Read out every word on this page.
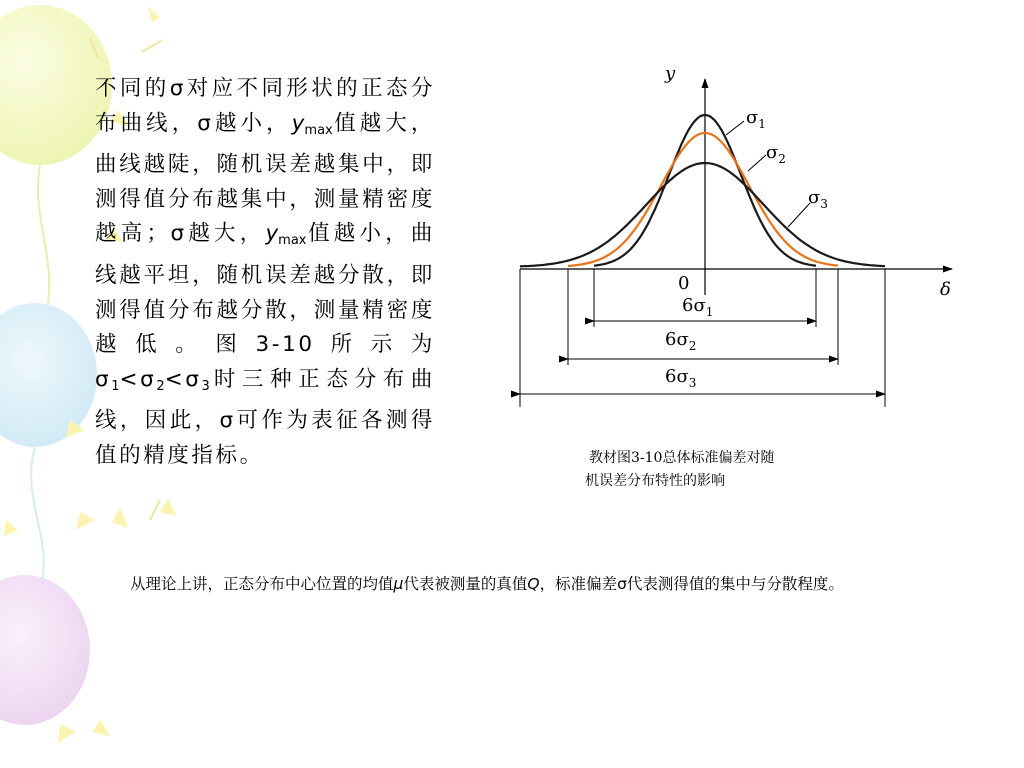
不同的σ对应不同形状的正态分布曲线，σ越小，$y_{max}$值越大，曲线越陡，随机误差越集中，即测得值分布越集中，测量精密度越高；σ越大，$y_{max}$值越小，曲线越平坦，随机误差越分散，即测得值分布越分散，测量精密度越低。图3-10所示为$\sigma_1<\sigma_2<\sigma_3$时三种正态分布曲线，因此，σ可作为表征各测得值的精度指标。
y
δ
0
$\sigma_1$
$\sigma_2$
$\sigma_3$
$6\sigma_1$
$6\sigma_2$
$6\sigma_3$
教材图3-10总体标准偏差对随
机误差分布特性的影响
从理论上讲，正态分布中心位置的均值μ代表被测量的真值Q，标准偏差σ代表测得值的集中与分散程度。
